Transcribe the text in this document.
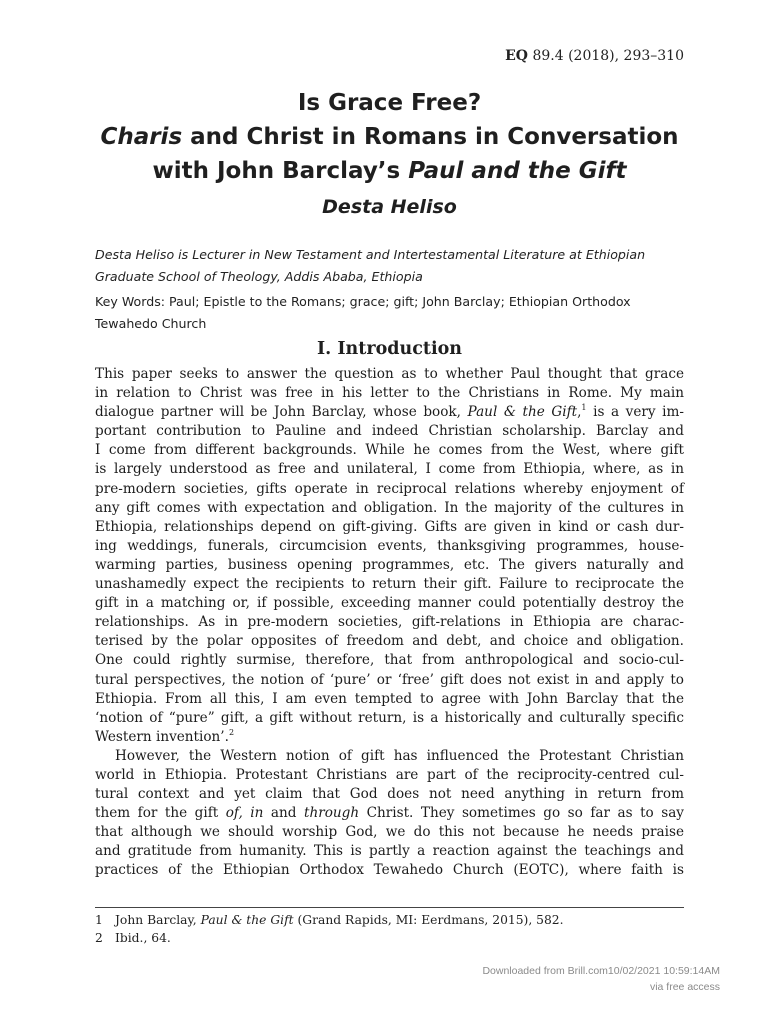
EQ 89.4 (2018), 293–310
Is Grace Free?
Charis and Christ in Romans in Conversation
with John Barclay’s Paul and the Gift
Desta Heliso
Desta Heliso is Lecturer in New Testament and Intertestamental Literature at Ethiopian
Graduate School of Theology, Addis Ababa, Ethiopia
Key Words: Paul; Epistle to the Romans; grace; gift; John Barclay; Ethiopian Orthodox
Tewahedo Church
I. Introduction
This paper seeks to answer the question as to whether Paul thought that grace
in relation to Christ was free in his letter to the Christians in Rome. My main
dialogue partner will be John Barclay, whose book, Paul & the Gift,$^1$ is a very im-
portant contribution to Pauline and indeed Christian scholarship. Barclay and
I come from different backgrounds. While he comes from the West, where gift
is largely understood as free and unilateral, I come from Ethiopia, where, as in
pre-modern societies, gifts operate in reciprocal relations whereby enjoyment of
any gift comes with expectation and obligation. In the majority of the cultures in
Ethiopia, relationships depend on gift-giving. Gifts are given in kind or cash dur-
ing weddings, funerals, circumcision events, thanksgiving programmes, house-
warming parties, business opening programmes, etc. The givers naturally and
unashamedly expect the recipients to return their gift. Failure to reciprocate the
gift in a matching or, if possible, exceeding manner could potentially destroy the
relationships. As in pre-modern societies, gift-relations in Ethiopia are charac-
terised by the polar opposites of freedom and debt, and choice and obligation.
One could rightly surmise, therefore, that from anthropological and socio-cul-
tural perspectives, the notion of ‘pure’ or ‘free’ gift does not exist in and apply to
Ethiopia. From all this, I am even tempted to agree with John Barclay that the
‘notion of “pure” gift, a gift without return, is a historically and culturally specific
Western invention’.$^2$
However, the Western notion of gift has influenced the Protestant Christian
world in Ethiopia. Protestant Christians are part of the reciprocity-centred cul-
tural context and yet claim that God does not need anything in return from
them for the gift of, in and through Christ. They sometimes go so far as to say
that although we should worship God, we do this not because he needs praise
and gratitude from humanity. This is partly a reaction against the teachings and
practices of the Ethiopian Orthodox Tewahedo Church (EOTC), where faith is
1 John Barclay, Paul & the Gift (Grand Rapids, MI: Eerdmans, 2015), 582.
2 Ibid., 64.
Downloaded from Brill.com10/02/2021 10:59:14AM
via free access
